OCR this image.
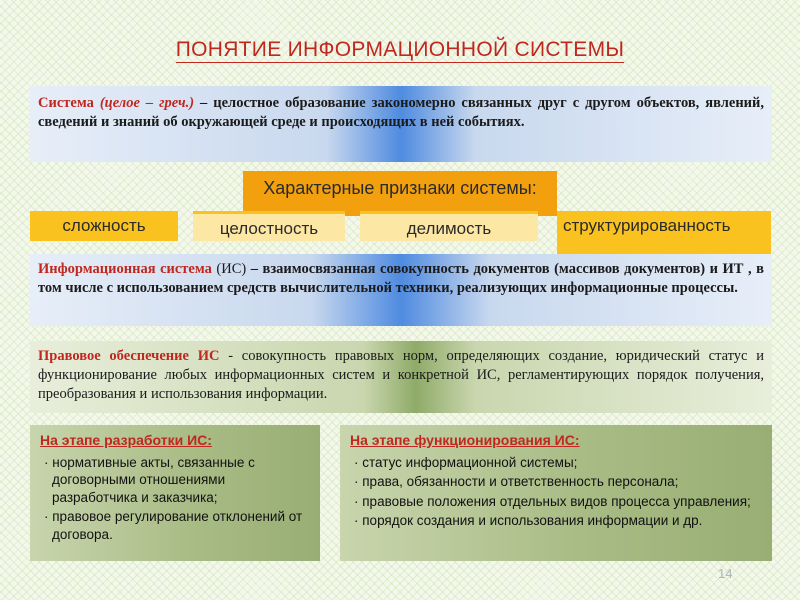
ПОНЯТИЕ ИНФОРМАЦИОННОЙ СИСТЕМЫ
Система (целое – греч.) – целостное образование закономерно связанных друг с другом объектов, явлений, сведений и знаний об окружающей среде и происходящих в ней событиях.
Характерные признаки системы:
сложность	целостность	делимость	структурированность
Информационная система (ИС) – взаимосвязанная совокупность документов (массивов документов) и ИТ , в том числе с использованием средств вычислительной техники, реализующих информационные процессы.
Правовое обеспечение ИС - совокупность правовых норм, определяющих создание, юридический статус и функционирование любых информационных систем и конкретной ИС, регламентирующих порядок получения, преобразования и использования информации.
На этапе разработки ИС:
· нормативные акты, связанные с договорными отношениями разработчика и заказчика;
· правовое регулирование отклонений от договора.
На этапе функционирования ИС:
· статус информационной системы;
· права, обязанности и ответственность персонала;
· правовые положения отдельных видов процесса управления;
· порядок создания и использования информации и др.
14
